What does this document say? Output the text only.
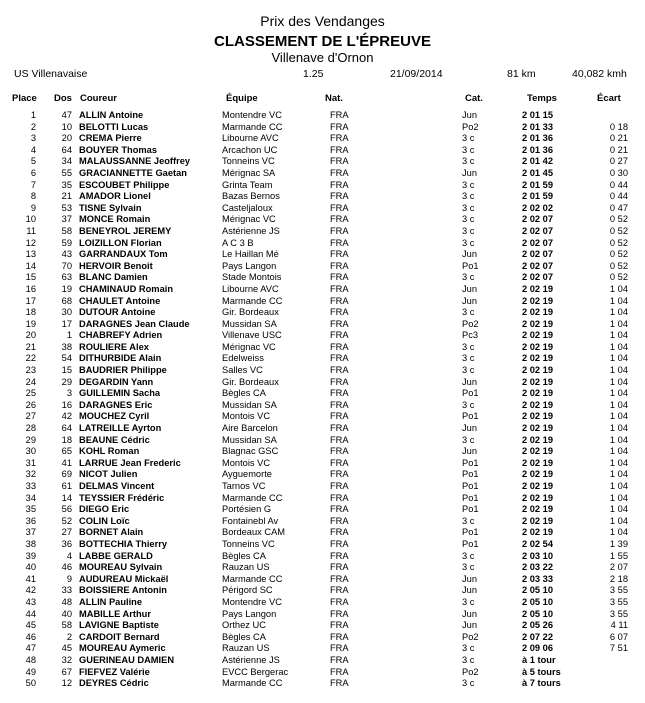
Prix des Vendanges
CLASSEMENT DE L'ÉPREUVE
Villenave d'Ornon
US Villenavaise	1.25	21/09/2014	81 km	40,082 kmh
Place Dos Coureur	Équipe	Nat.	Cat.	Temps	Écart
1	47 ALLIN Antoine	Montendre VC	FRA	Jun	2 01 15
2	10 BELOTTI Lucas	Marmande CC	FRA	Po2	2 01 33	0 18
3	20 CREMA Pierre	Libourne AVC	FRA	3 c	2 01 36	0 21
4	64 BOUYER Thomas	Arcachon UC	FRA	3 c	2 01 36	0 21
5	34 MALAUSSANNE Jeoffrey	Tonneins VC	FRA	3 c	2 01 42	0 27
6	55 GRACIANNETTE Gaetan	Mérignac SA	FRA	Jun	2 01 45	0 30
7	35 ESCOUBET Philippe	Grinta Team	FRA	3 c	2 01 59	0 44
8	21 AMADOR Lionel	Bazas Bernos	FRA	3 c	2 01 59	0 44
9	53 TISNE Sylvain	Casteljaloux	FRA	3 c	2 02 02	0 47
10	37 MONCE Romain	Mérignac VC	FRA	3 c	2 02 07	0 52
11	58 BENEYROL JEREMY	Astérienne JS	FRA	3 c	2 02 07	0 52
12	59 LOIZILLON Florian	A C 3 B	FRA	3 c	2 02 07	0 52
13	43 GARRANDAUX Tom	Le Haillan Mé	FRA	Jun	2 02 07	0 52
14	70 HERVOIR Benoit	Pays Langon	FRA	Po1	2 02 07	0 52
15	63 BLANC Damien	Stade Montois	FRA	3 c	2 02 07	0 52
16	19 CHAMINAUD Romain	Libourne AVC	FRA	Jun	2 02 19	1 04
17	68 CHAULET Antoine	Marmande CC	FRA	Jun	2 02 19	1 04
18	30 DUTOUR Antoine	Gir. Bordeaux	FRA	3 c	2 02 19	1 04
19	17 DARAGNES Jean Claude	Mussidan SA	FRA	Po2	2 02 19	1 04
20	1 CHABREFY Adrien	Villenave USC	FRA	Pc3	2 02 19	1 04
21	38 ROULIERE Alex	Mérignac VC	FRA	3 c	2 02 19	1 04
22	54 DITHURBIDE Alain	Edelweiss	FRA	3 c	2 02 19	1 04
23	15 BAUDRIER Philippe	Salles VC	FRA	3 c	2 02 19	1 04
24	29 DEGARDIN Yann	Gir. Bordeaux	FRA	Jun	2 02 19	1 04
25	3 GUILLEMIN Sacha	Bègles CA	FRA	Po1	2 02 19	1 04
26	16 DARAGNES Eric	Mussidan SA	FRA	3 c	2 02 19	1 04
27	42 MOUCHEZ Cyril	Montois VC	FRA	Po1	2 02 19	1 04
28	64 LATREILLE Ayrton	Aire Barcelon	FRA	Jun	2 02 19	1 04
29	18 BEAUNE Cédric	Mussidan SA	FRA	3 c	2 02 19	1 04
30	65 KOHL Roman	Blagnac GSC	FRA	Jun	2 02 19	1 04
31	41 LARRUE Jean Frederic	Montois VC	FRA	Po1	2 02 19	1 04
32	69 NICOT Julien	Ayguemorte	FRA	Po1	2 02 19	1 04
33	61 DELMAS Vincent	Tarnos VC	FRA	Po1	2 02 19	1 04
34	14 TEYSSIER Frédéric	Marmande CC	FRA	Po1	2 02 19	1 04
35	56 DIEGO Eric	Portésien G	FRA	Po1	2 02 19	1 04
36	52 COLIN Loïc	Fontainebl Av	FRA	3 c	2 02 19	1 04
37	27 BORNET Alain	Bordeaux CAM	FRA	Po1	2 02 19	1 04
38	36 BOTTECHIA Thierry	Tonneins VC	FRA	Po1	2 02 54	1 39
39	4 LABBE GERALD	Bègles CA	FRA	3 c	2 03 10	1 55
40	46 MOUREAU Sylvain	Rauzan US	FRA	3 c	2 03 22	2 07
41	9 AUDUREAU Mickaël	Marmande CC	FRA	Jun	2 03 33	2 18
42	33 BOISSIERE Antonin	Périgord SC	FRA	Jun	2 05 10	3 55
43	48 ALLIN Pauline	Montendre VC	FRA	3 c	2 05 10	3 55
44	40 MABILLE Arthur	Pays Langon	FRA	Jun	2 05 10	3 55
45	58 LAVIGNE Baptiste	Orthez UC	FRA	Jun	2 05 26	4 11
46	2 CARDOIT Bernard	Bègles CA	FRA	Po2	2 07 22	6 07
47	45 MOUREAU Aymeric	Rauzan US	FRA	3 c	2 09 06	7 51
48	32 GUERINEAU DAMIEN	Astérienne JS	FRA	3 c	à 1 tour
49	67 FIEFVEZ Valérie	EVCC Bergerac	FRA	Po2	à 5 tours
50	12 DEYRES Cédric	Marmande CC	FRA	3 c	à 7 tours
